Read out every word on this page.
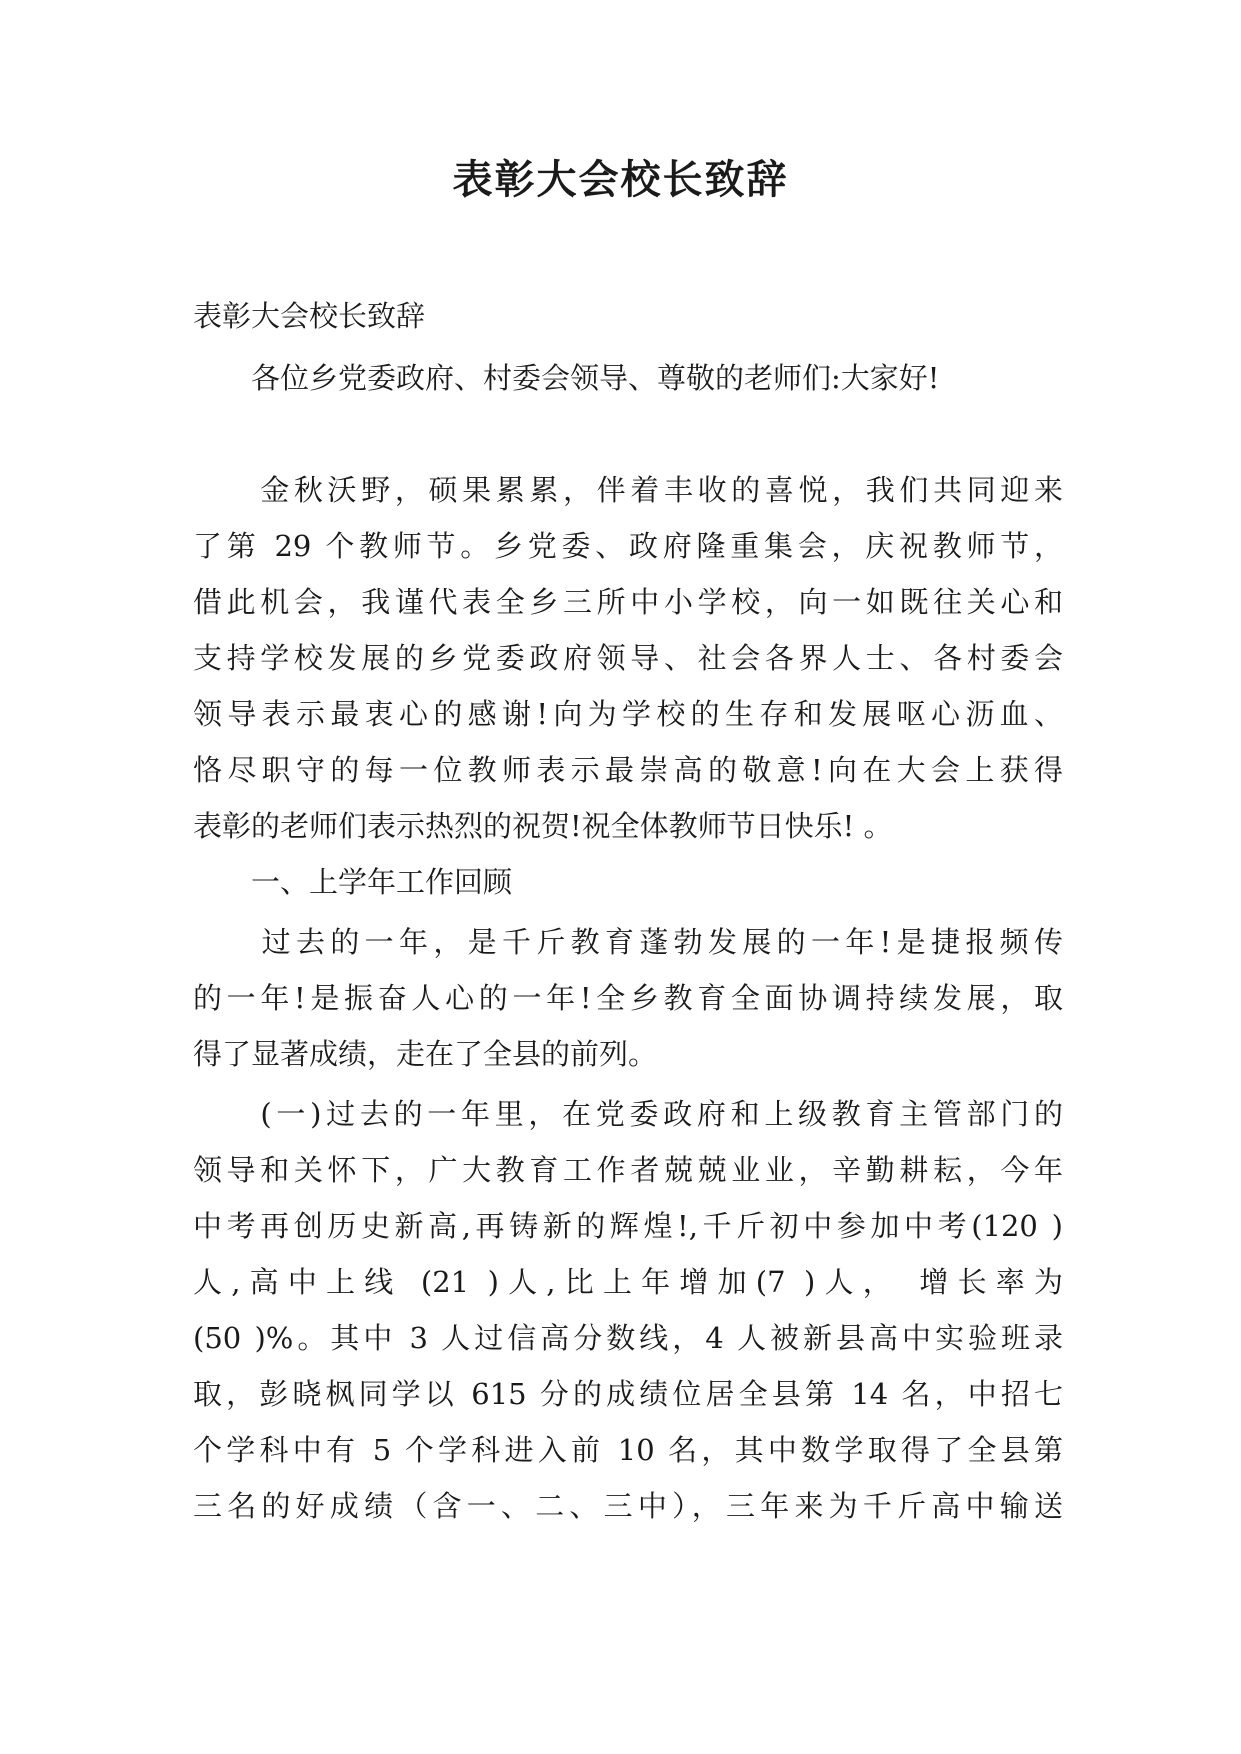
表彰大会校长致辞

表彰大会校长致辞

　　各位乡党委政府、村委会领导、尊敬的老师们:大家好!

　　金秋沃野，硕果累累，伴着丰收的喜悦，我们共同迎来

了第 29 个教师节。乡党委、政府隆重集会，庆祝教师节，

借此机会，我谨代表全乡三所中小学校，向一如既往关心和

支持学校发展的乡党委政府领导、社会各界人士、各村委会

领导表示最衷心的感谢!向为学校的生存和发展呕心沥血、

恪尽职守的每一位教师表示最崇高的敬意!向在大会上获得

表彰的老师们表示热烈的祝贺!祝全体教师节日快乐! 。

　　一、上学年工作回顾

　　过去的一年，是千斤教育蓬勃发展的一年!是捷报频传

的一年!是振奋人心的一年!全乡教育全面协调持续发展，取

得了显著成绩，走在了全县的前列。

　　(一)过去的一年里，在党委政府和上级教育主管部门的

领导和关怀下，广大教育工作者兢兢业业，辛勤耕耘，今年

中考再创历史新高,再铸新的辉煌!,千斤初中参加中考(120 )

人,高中上线 (21 )人,比上年增加(7 )人， 增长率为

(50 )%。其中 3 人过信高分数线，4 人被新县高中实验班录

取，彭晓枫同学以 615 分的成绩位居全县第 14 名，中招七

个学科中有 5 个学科进入前 10 名，其中数学取得了全县第

三名的好成绩（含一、二、三中），三年来为千斤高中输送
